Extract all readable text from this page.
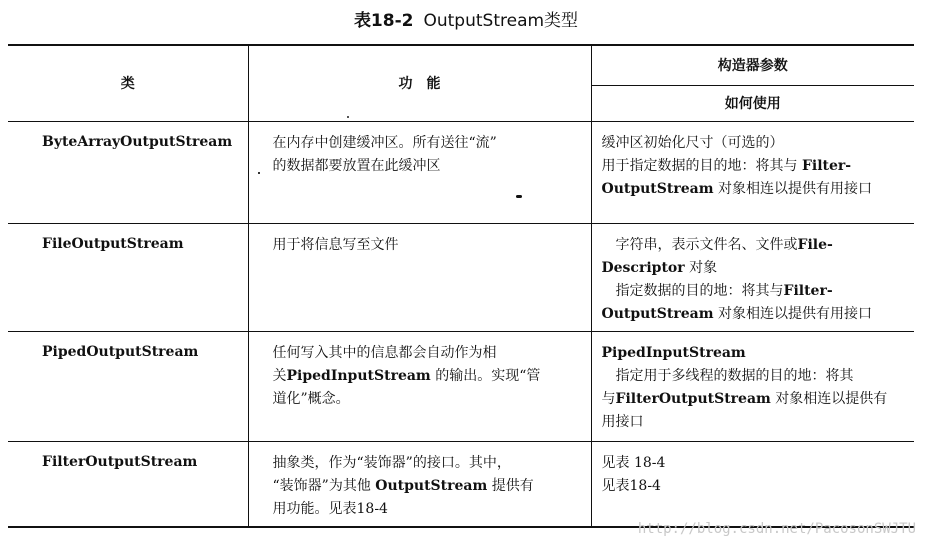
表18-2 OutputStream类型
类	功　能	构造器参数
		如何使用
ByteArrayOutputStream	在内存中创建缓冲区。所有送往“流”
的数据都要放置在此缓冲区	缓冲区初始化尺寸（可选的）
用于指定数据的目的地：将其与 Filter-
OutputStream 对象相连以提供有用接口

FileOutputStream	用于将信息写至文件	字符串，表示文件名、文件或File-
Descriptor 对象
指定数据的目的地：将其与Filter-
OutputStream 对象相连以提供有用接口

PipedOutputStream	任何写入其中的信息都会自动作为相
关PipedInputStream 的输出。实现“管
道化”概念。	PipedInputStream
指定用于多线程的数据的目的地：将其
与FilterOutputStream 对象相连以提供有
用接口

FilterOutputStream	抽象类，作为“装饰器”的接口。其中，
“装饰器”为其他 OutputStream 提供有
用功能。见表18-4	见表 18-4
见表18-4
http://blog.csdn.net/PacosonSWJTU
